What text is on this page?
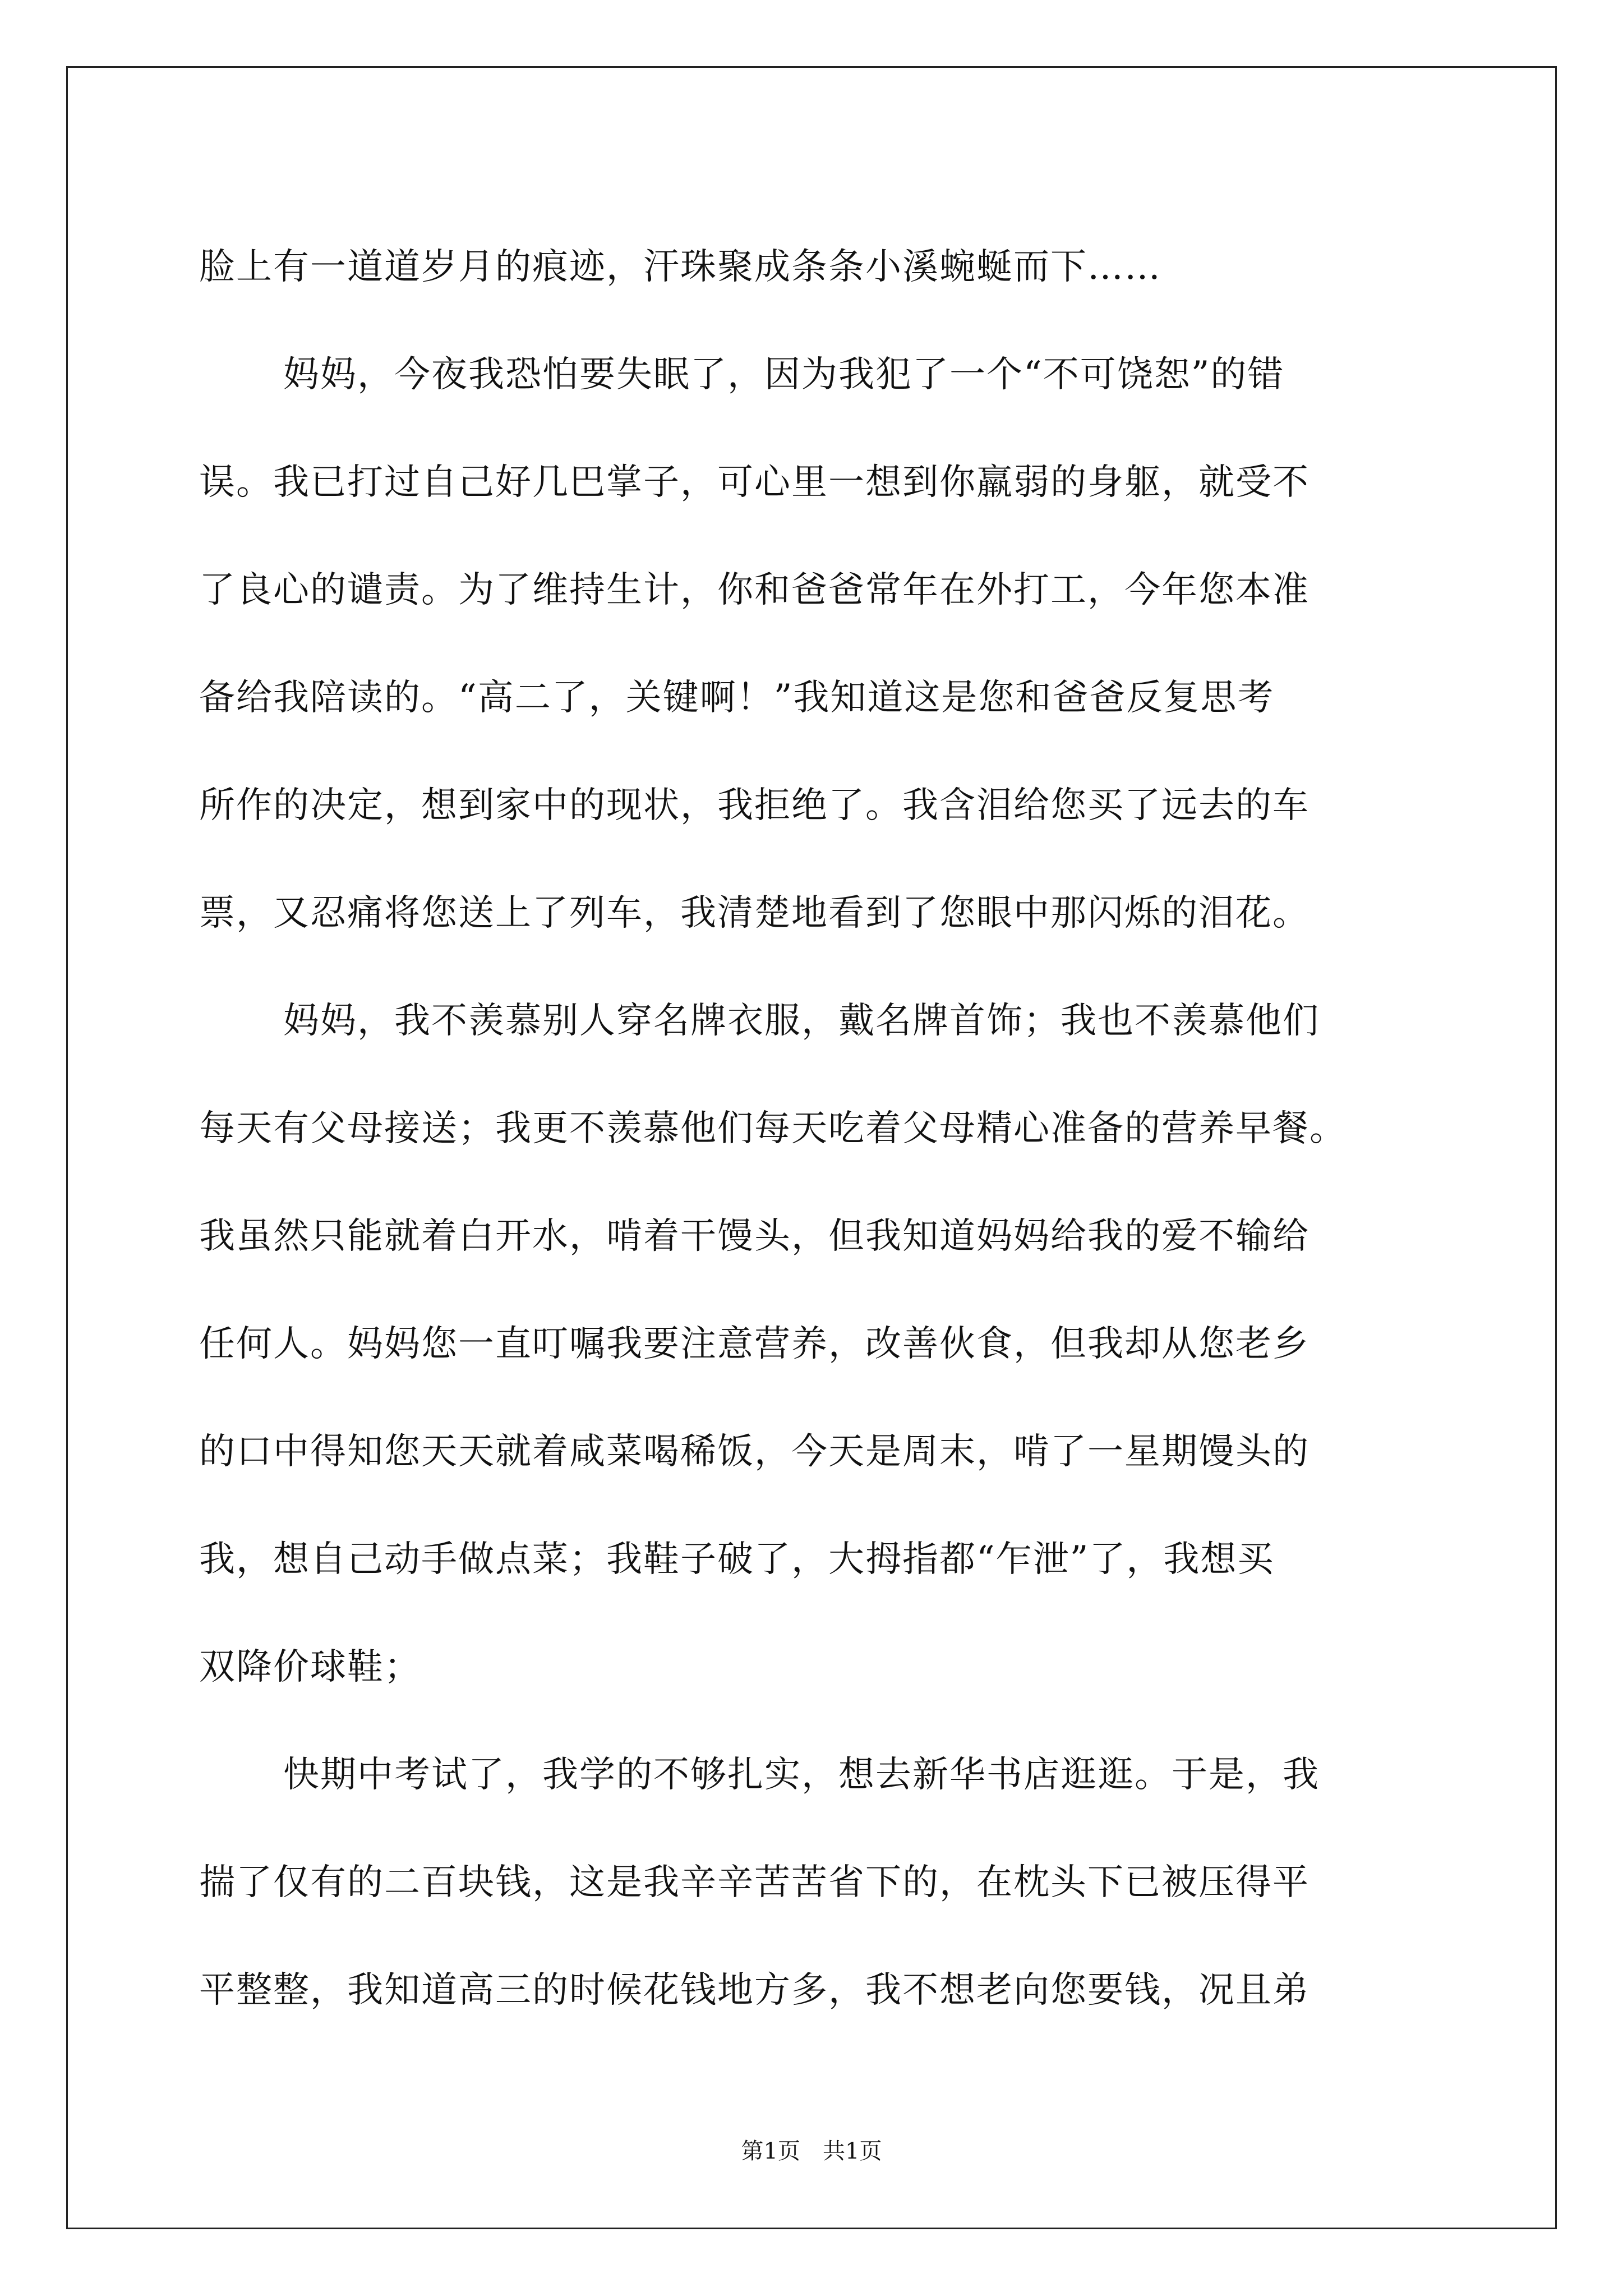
脸上有一道道岁月的痕迹，汗珠聚成条条小溪蜿蜒而下……
妈妈，今夜我恐怕要失眠了，因为我犯了一个“不可饶恕”的错
误。我已打过自己好几巴掌子，可心里一想到你羸弱的身躯，就受不
了良心的谴责。为了维持生计，你和爸爸常年在外打工，今年您本准
备给我陪读的。“高二了，关键啊！”我知道这是您和爸爸反复思考
所作的决定，想到家中的现状，我拒绝了。我含泪给您买了远去的车
票，又忍痛将您送上了列车，我清楚地看到了您眼中那闪烁的泪花。
妈妈，我不羡慕别人穿名牌衣服，戴名牌首饰；我也不羡慕他们
每天有父母接送；我更不羡慕他们每天吃着父母精心准备的营养早餐。
我虽然只能就着白开水，啃着干馒头，但我知道妈妈给我的爱不输给
任何人。妈妈您一直叮嘱我要注意营养，改善伙食，但我却从您老乡
的口中得知您天天就着咸菜喝稀饭，今天是周末，啃了一星期馒头的
我，想自己动手做点菜；我鞋子破了，大拇指都“乍泄”了，我想买
双降价球鞋；
快期中考试了，我学的不够扎实，想去新华书店逛逛。于是，我
揣了仅有的二百块钱，这是我辛辛苦苦省下的，在枕头下已被压得平
平整整，我知道高三的时候花钱地方多，我不想老向您要钱，况且弟
第1页　共1页
